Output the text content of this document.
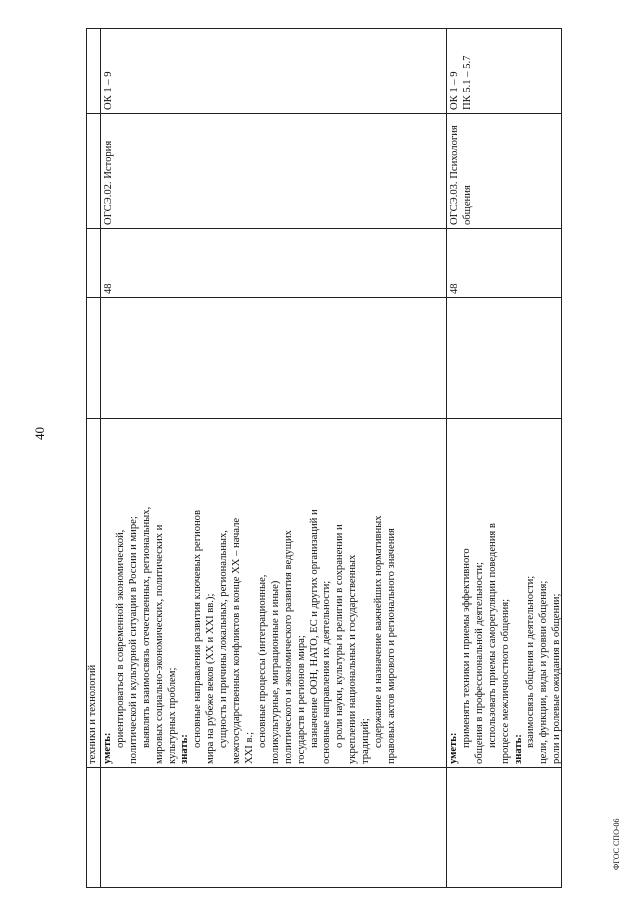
40
ФГОС СПО-06
техники и технологий уметь:
ориентироваться в современной экономической, политической и культурной ситуации в России и мире; выявлять взаимосвязь отечественных, региональных, мировых социально-экономических, политических и культурных проблем; знать:
основные направления развития ключевых регионов мира на рубеже веков (XX и XXI вв.); сущность и причины локальных, региональных, межгосударственных конфликтов в конце XX – начале XXI в.; основные процессы (интеграционные, поликультурные, миграционные и иные) политического и экономического развития ведущих государств и регионов мира; назначение ООН, НАТО, ЕС и других организаций и основные направления их деятельности; о роли науки, культуры и религии в сохранении и укреплении национальных и государственных традиций; содержание и назначение важнейших нормативных правовых актов мирового и регионального значения
48
ОГСЭ.02. История
ОК 1 – 9
уметь:
применять техники и приемы эффективного общения в профессиональной деятельности; использовать приемы саморегуляции поведения в процессе межличностного общения; знать:
взаимосвязь общения и деятельности; цели, функции, виды и уровни общения; роли и ролевые ожидания в общении;
48
ОГСЭ.03. Психология общения
ОК 1 – 9 ПК 5.1 – 5.7
